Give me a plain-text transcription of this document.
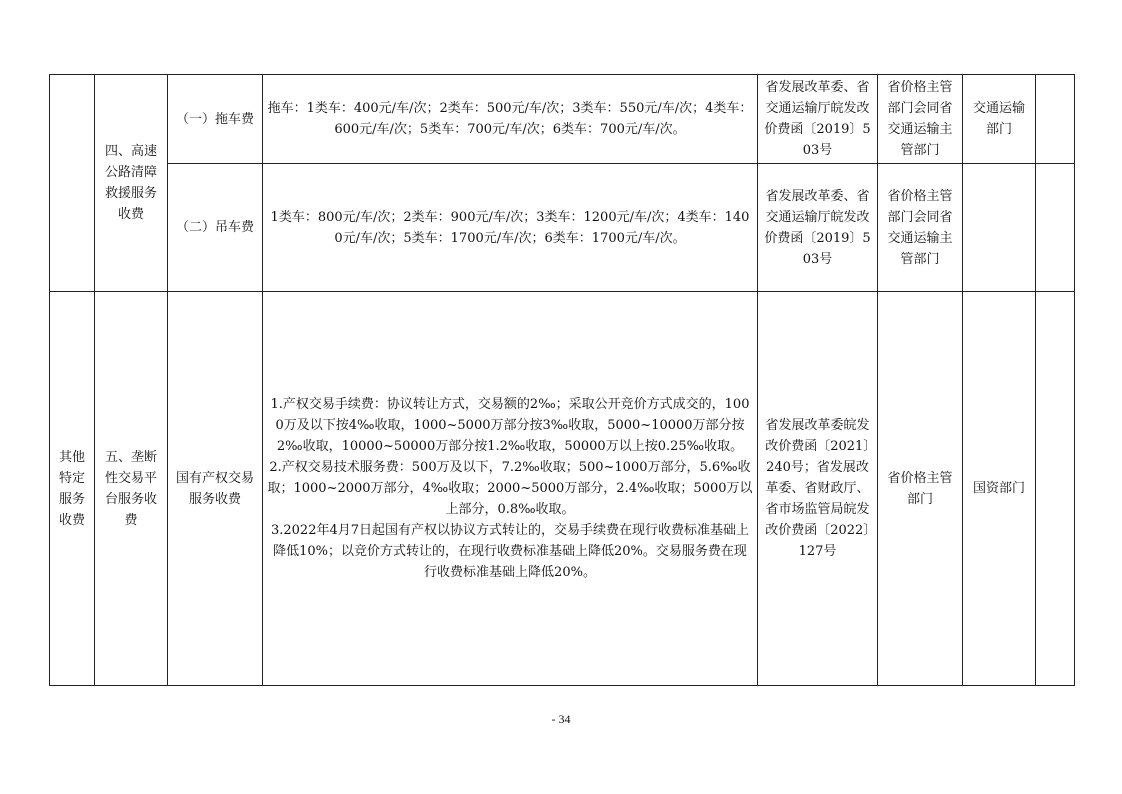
	四、高速公路清障救援服务收费	（一）拖车费	拖车：1类车：400元/车/次；2类车：500元/车/次；3类车：550元/车/次；4类车：600元/车/次；5类车：700元/车/次；6类车：700元/车/次。	省发展改革委、省交通运输厅皖发改价费函〔2019〕503号	省价格主管部门会同省交通运输主管部门	交通运输部门	
		（二）吊车费	1类车：800元/车/次；2类车：900元/车/次；3类车：1200元/车/次；4类车：1400元/车/次；5类车：1700元/车/次；6类车：1700元/车/次。	省发展改革委、省交通运输厅皖发改价费函〔2019〕503号	省价格主管部门会同省交通运输主管部门		
其他特定服务收费	五、垄断性交易平台服务收费	国有产权交易服务收费	1.产权交易手续费：协议转让方式，交易额的2‰；采取公开竞价方式成交的，1000万及以下按4‰收取，1000~5000万部分按3‰收取，5000~10000万部分按2‰收取，10000~50000万部分按1.2‰收取，50000万以上按0.25‰收取。
2.产权交易技术服务费：500万及以下，7.2‰收取；500~1000万部分，5.6‰收取；1000~2000万部分，4‰收取；2000~5000万部分，2.4‰收取；5000万以上部分，0.8‰收取。
3.2022年4月7日起国有产权以协议方式转让的，交易手续费在现行收费标准基础上降低10%；以竞价方式转让的，在现行收费标准基础上降低20%。交易服务费在现行收费标准基础上降低20%。	省发展改革委皖发改价费函〔2021〕240号；省发展改革委、省财政厅、省市场监管局皖发改价费函〔2022〕127号	省价格主管部门	国资部门	
- 34
